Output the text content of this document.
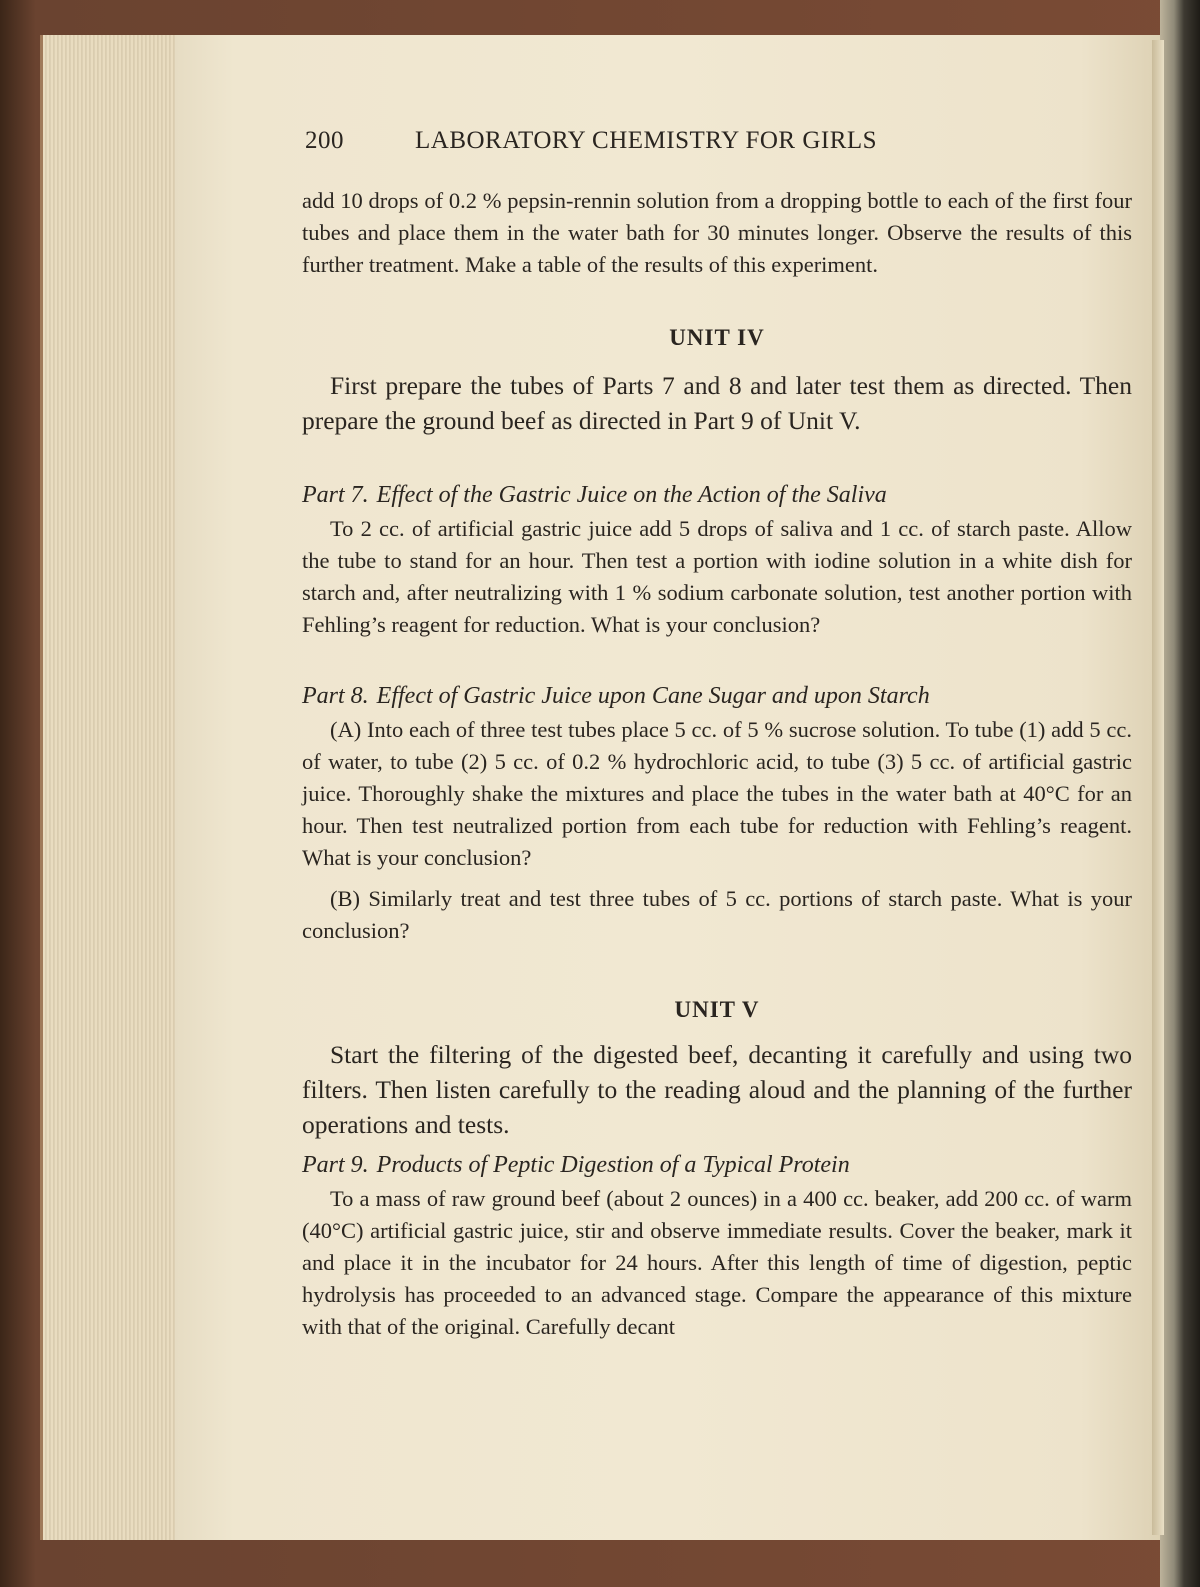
200	LABORATORY CHEMISTRY FOR GIRLS

add 10 drops of 0.2 % pepsin-rennin solution from a dropping bottle to each of the first four tubes and place them in the water bath for 30 minutes longer. Observe the results of this further treatment. Make a table of the results of this experiment.

UNIT IV

First prepare the tubes of Parts 7 and 8 and later test them as directed. Then prepare the ground beef as directed in Part 9 of Unit V.

Part 7. Effect of the Gastric Juice on the Action of the Saliva

To 2 cc. of artificial gastric juice add 5 drops of saliva and 1 cc. of starch paste. Allow the tube to stand for an hour. Then test a portion with iodine solution in a white dish for starch and, after neutralizing with 1 % sodium carbonate solution, test another portion with Fehling’s reagent for reduction. What is your conclusion?

Part 8. Effect of Gastric Juice upon Cane Sugar and upon Starch

(A) Into each of three test tubes place 5 cc. of 5 % sucrose solution. To tube (1) add 5 cc. of water, to tube (2) 5 cc. of 0.2 % hydrochloric acid, to tube (3) 5 cc. of artificial gastric juice. Thoroughly shake the mixtures and place the tubes in the water bath at 40°C for an hour. Then test neutralized portion from each tube for reduction with Fehling’s reagent. What is your conclusion?

(B) Similarly treat and test three tubes of 5 cc. portions of starch paste. What is your conclusion?

UNIT V

Start the filtering of the digested beef, decanting it carefully and using two filters. Then listen carefully to the reading aloud and the planning of the further operations and tests.

Part 9. Products of Peptic Digestion of a Typical Protein

To a mass of raw ground beef (about 2 ounces) in a 400 cc. beaker, add 200 cc. of warm (40°C) artificial gastric juice, stir and observe immediate results. Cover the beaker, mark it and place it in the incubator for 24 hours. After this length of time of digestion, peptic hydrolysis has proceeded to an advanced stage. Compare the appearance of this mixture with that of the original. Carefully decant
